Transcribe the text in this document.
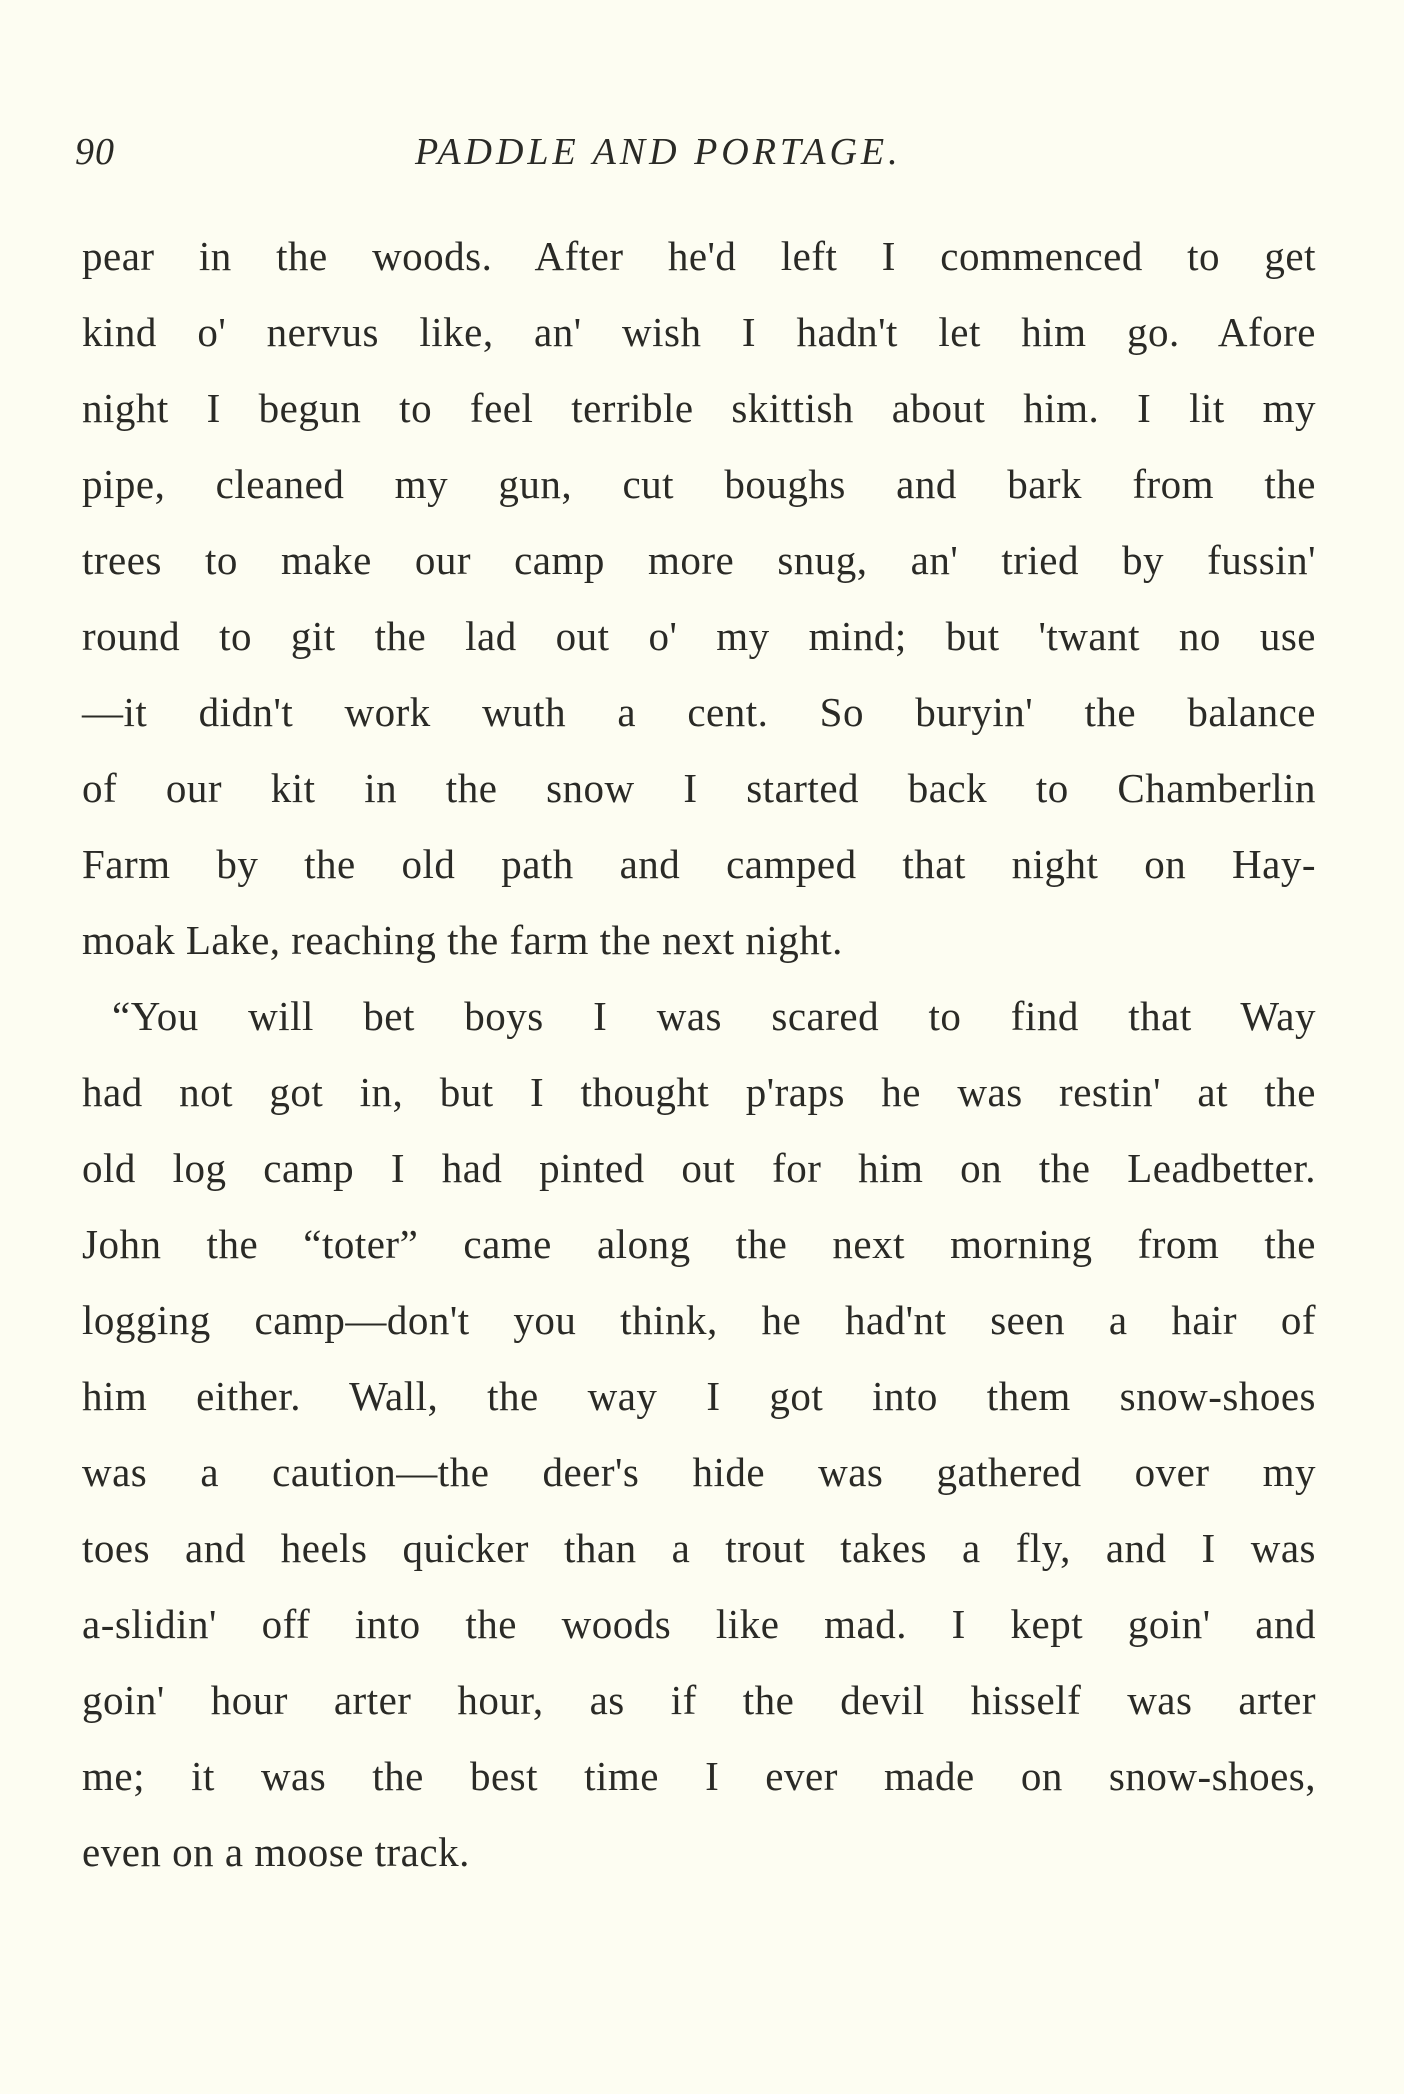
90	PADDLE AND PORTAGE.
pear in the woods. After he'd left I commenced to get
kind o' nervus like, an' wish I hadn't let him go. Afore
night I begun to feel terrible skittish about him. I lit my
pipe, cleaned my gun, cut boughs and bark from the
trees to make our camp more snug, an' tried by fussin'
round to git the lad out o' my mind; but 'twant no use
—it didn't work wuth a cent. So buryin' the balance
of our kit in the snow I started back to Chamberlin
Farm by the old path and camped that night on Hay-
moak Lake, reaching the farm the next night.
“You will bet boys I was scared to find that Way
had not got in, but I thought p'raps he was restin' at the
old log camp I had pinted out for him on the Leadbetter.
John the “toter” came along the next morning from the
logging camp—don't you think, he had'nt seen a hair of
him either. Wall, the way I got into them snow-shoes
was a caution—the deer's hide was gathered over my
toes and heels quicker than a trout takes a fly, and I was
a-slidin' off into the woods like mad. I kept goin' and
goin' hour arter hour, as if the devil hisself was arter
me; it was the best time I ever made on snow-shoes,
even on a moose track.
